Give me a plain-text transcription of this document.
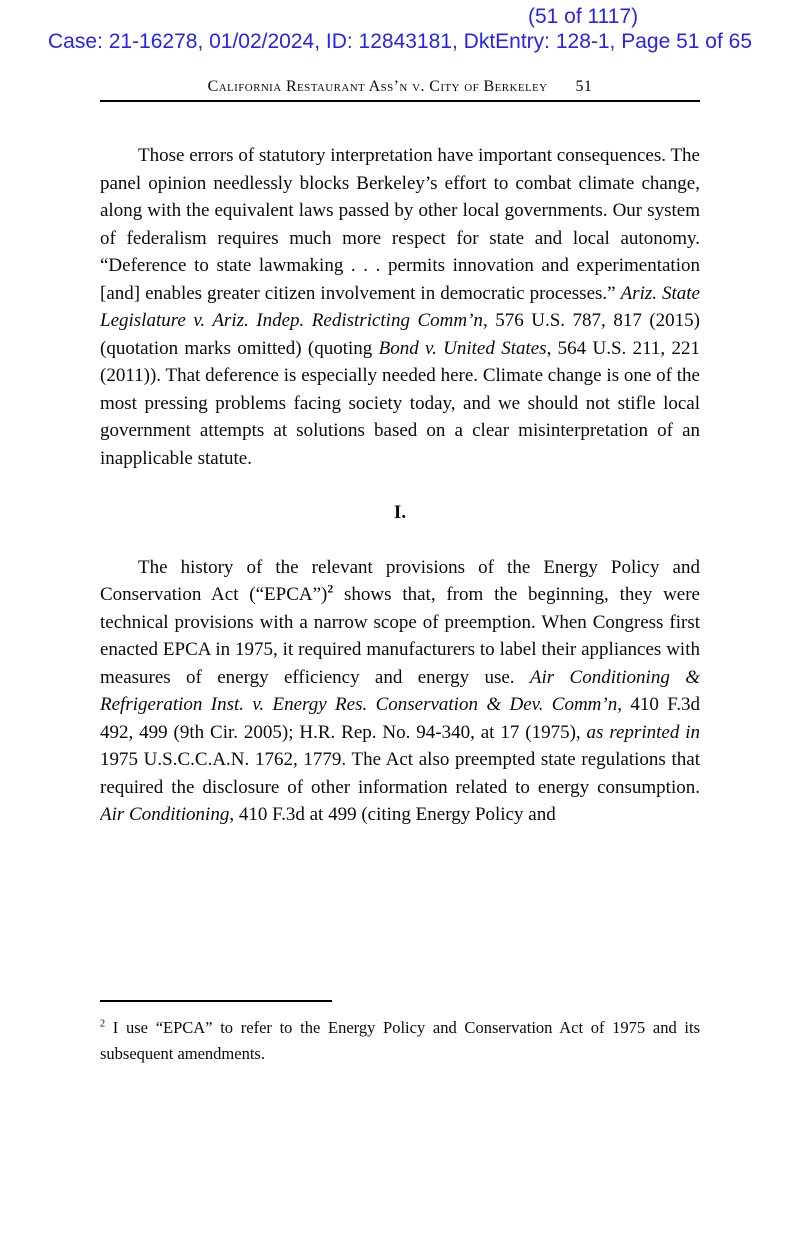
(51 of 1117)
Case: 21-16278, 01/02/2024, ID: 12843181, DktEntry: 128-1, Page 51 of 65
California Restaurant Ass’n v. City of Berkeley 51

Those errors of statutory interpretation have important consequences. The panel opinion needlessly blocks Berkeley’s effort to combat climate change, along with the equivalent laws passed by other local governments. Our system of federalism requires much more respect for state and local autonomy. “Deference to state lawmaking . . . permits innovation and experimentation [and] enables greater citizen involvement in democratic processes.” Ariz. State Legislature v. Ariz. Indep. Redistricting Comm’n, 576 U.S. 787, 817 (2015) (quotation marks omitted) (quoting Bond v. United States, 564 U.S. 211, 221 (2011)). That deference is especially needed here. Climate change is one of the most pressing problems facing society today, and we should not stifle local government attempts at solutions based on a clear misinterpretation of an inapplicable statute.

I.

The history of the relevant provisions of the Energy Policy and Conservation Act (“EPCA”)$^2$ shows that, from the beginning, they were technical provisions with a narrow scope of preemption. When Congress first enacted EPCA in 1975, it required manufacturers to label their appliances with measures of energy efficiency and energy use. Air Conditioning & Refrigeration Inst. v. Energy Res. Conservation & Dev. Comm’n, 410 F.3d 492, 499 (9th Cir. 2005); H.R. Rep. No. 94-340, at 17 (1975), as reprinted in 1975 U.S.C.C.A.N. 1762, 1779. The Act also preempted state regulations that required the disclosure of other information related to energy consumption. Air Conditioning, 410 F.3d at 499 (citing Energy Policy and

$^2$ I use “EPCA” to refer to the Energy Policy and Conservation Act of 1975 and its subsequent amendments.
